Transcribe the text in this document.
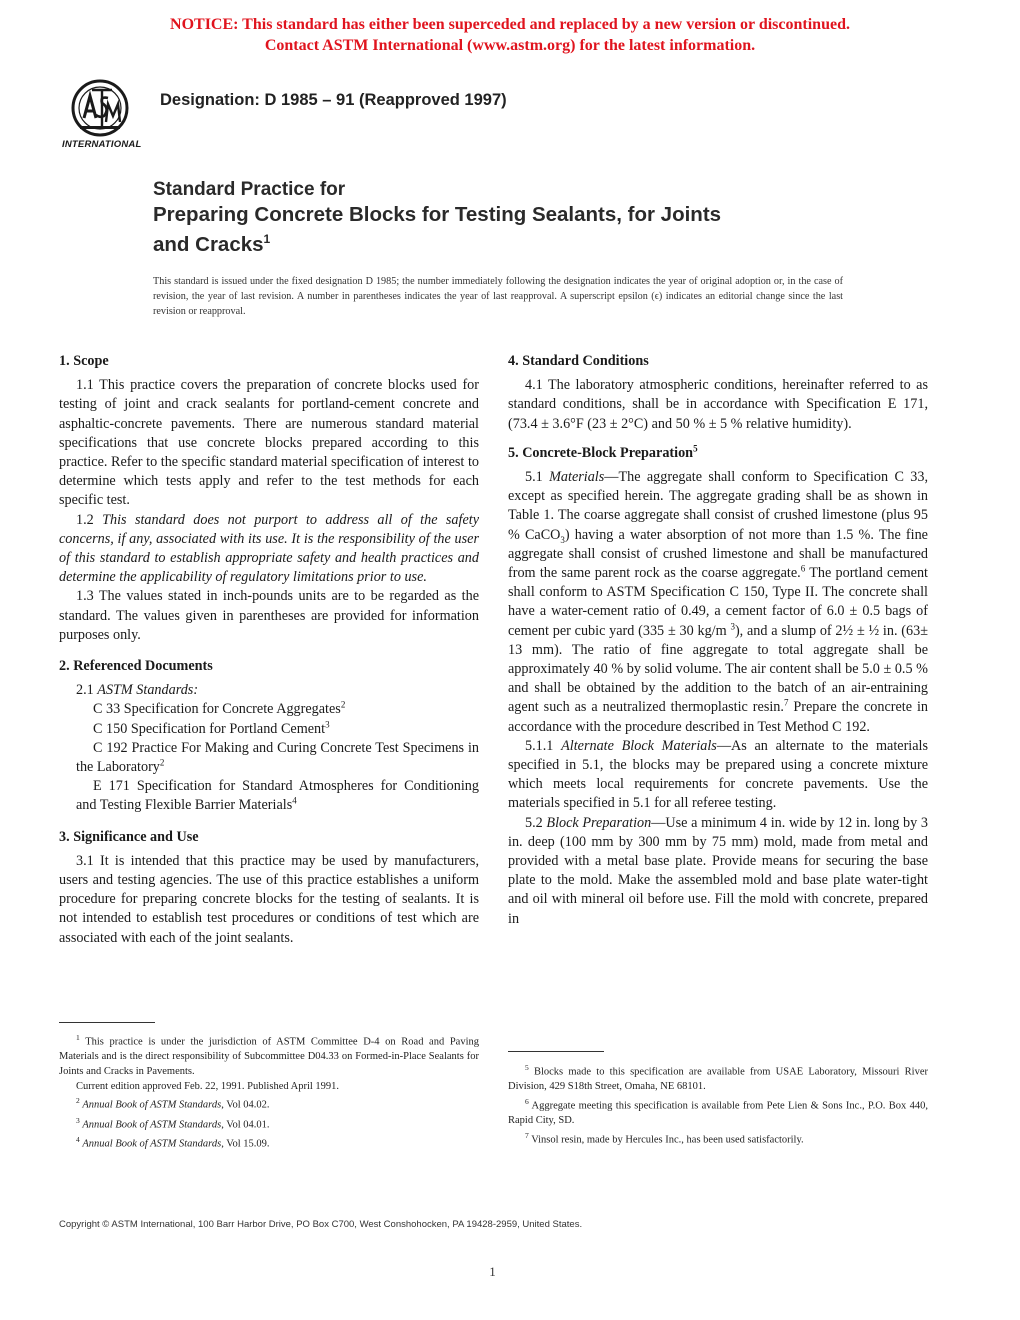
NOTICE: This standard has either been superceded and replaced by a new version or discontinued.
Contact ASTM International (www.astm.org) for the latest information.
INTERNATIONAL
Designation: D 1985 – 91 (Reapproved 1997)
Standard Practice for
Preparing Concrete Blocks for Testing Sealants, for Joints
and Cracks$^1$
This standard is issued under the fixed designation D 1985; the number immediately following the designation indicates the year of original adoption or, in the case of revision, the year of last revision. A number in parentheses indicates the year of last reapproval. A superscript epsilon (ϵ) indicates an editorial change since the last revision or reapproval.
1. Scope

1.1 This practice covers the preparation of concrete blocks used for testing of joint and crack sealants for portland-cement concrete and asphaltic-concrete pavements. There are numerous standard material specifications that use concrete blocks prepared according to this practice. Refer to the specific standard material specification of interest to determine which tests apply and refer to the test methods for each specific test.

1.2 This standard does not purport to address all of the safety concerns, if any, associated with its use. It is the responsibility of the user of this standard to establish appropriate safety and health practices and determine the applicability of regulatory limitations prior to use.

1.3 The values stated in inch-pounds units are to be regarded as the standard. The values given in parentheses are provided for information purposes only.

2. Referenced Documents

2.1 ASTM Standards:

C 33 Specification for Concrete Aggregates$^2$

C 150 Specification for Portland Cement$^3$

C 192 Practice For Making and Curing Concrete Test Specimens in the Laboratory$^2$

E 171 Specification for Standard Atmospheres for Conditioning and Testing Flexible Barrier Materials$^4$

3. Significance and Use

3.1 It is intended that this practice may be used by manufacturers, users and testing agencies. The use of this practice establishes a uniform procedure for preparing concrete blocks for the testing of sealants. It is not intended to establish test procedures or conditions of test which are associated with each of the joint sealants.

4. Standard Conditions

4.1 The laboratory atmospheric conditions, hereinafter referred to as standard conditions, shall be in accordance with Specification E 171, (73.4 ± 3.6°F (23 ± 2°C) and 50 % ± 5 % relative humidity).

5. Concrete-Block Preparation$^5$

5.1 Materials—The aggregate shall conform to Specification C 33, except as specified herein. The aggregate grading shall be as shown in Table 1. The coarse aggregate shall consist of crushed limestone (plus 95 % CaCO$_3$) having a water absorption of not more than 1.5 %. The fine aggregate shall consist of crushed limestone and shall be manufactured from the same parent rock as the coarse aggregate.$^6$ The portland cement shall conform to ASTM Specification C 150, Type II. The concrete shall have a water-cement ratio of 0.49, a cement factor of 6.0 ± 0.5 bags of cement per cubic yard (335 ± 30 kg/m $^3$), and a slump of 2½ ± ½ in. (63± 13 mm). The ratio of fine aggregate to total aggregate shall be approximately 40 % by solid volume. The air content shall be 5.0 ± 0.5 % and shall be obtained by the addition to the batch of an air-entraining agent such as a neutralized thermoplastic resin.$^7$ Prepare the concrete in accordance with the procedure described in Test Method C 192.

5.1.1 Alternate Block Materials—As an alternate to the materials specified in 5.1, the blocks may be prepared using a concrete mixture which meets local requirements for concrete pavements. Use the materials specified in 5.1 for all referee testing.

5.2 Block Preparation—Use a minimum 4 in. wide by 12 in. long by 3 in. deep (100 mm by 300 mm by 75 mm) mold, made from metal and provided with a metal base plate. Provide means for securing the base plate to the mold. Make the assembled mold and base plate water-tight and oil with mineral oil before use. Fill the mold with concrete, prepared in

$^1$ This practice is under the jurisdiction of ASTM Committee D-4 on Road and Paving Materials and is the direct responsibility of Subcommittee D04.33 on Formed-in-Place Sealants for Joints and Cracks in Pavements.

Current edition approved Feb. 22, 1991. Published April 1991.

$^2$ Annual Book of ASTM Standards, Vol 04.02.

$^3$ Annual Book of ASTM Standards, Vol 04.01.

$^4$ Annual Book of ASTM Standards, Vol 15.09.

$^5$ Blocks made to this specification are available from USAE Laboratory, Missouri River Division, 429 S18th Street, Omaha, NE 68101.

$^6$ Aggregate meeting this specification is available from Pete Lien & Sons Inc., P.O. Box 440, Rapid City, SD.

$^7$ Vinsol resin, made by Hercules Inc., has been used satisfactorily.

Copyright © ASTM International, 100 Barr Harbor Drive, PO Box C700, West Conshohocken, PA 19428-2959, United States.
1
